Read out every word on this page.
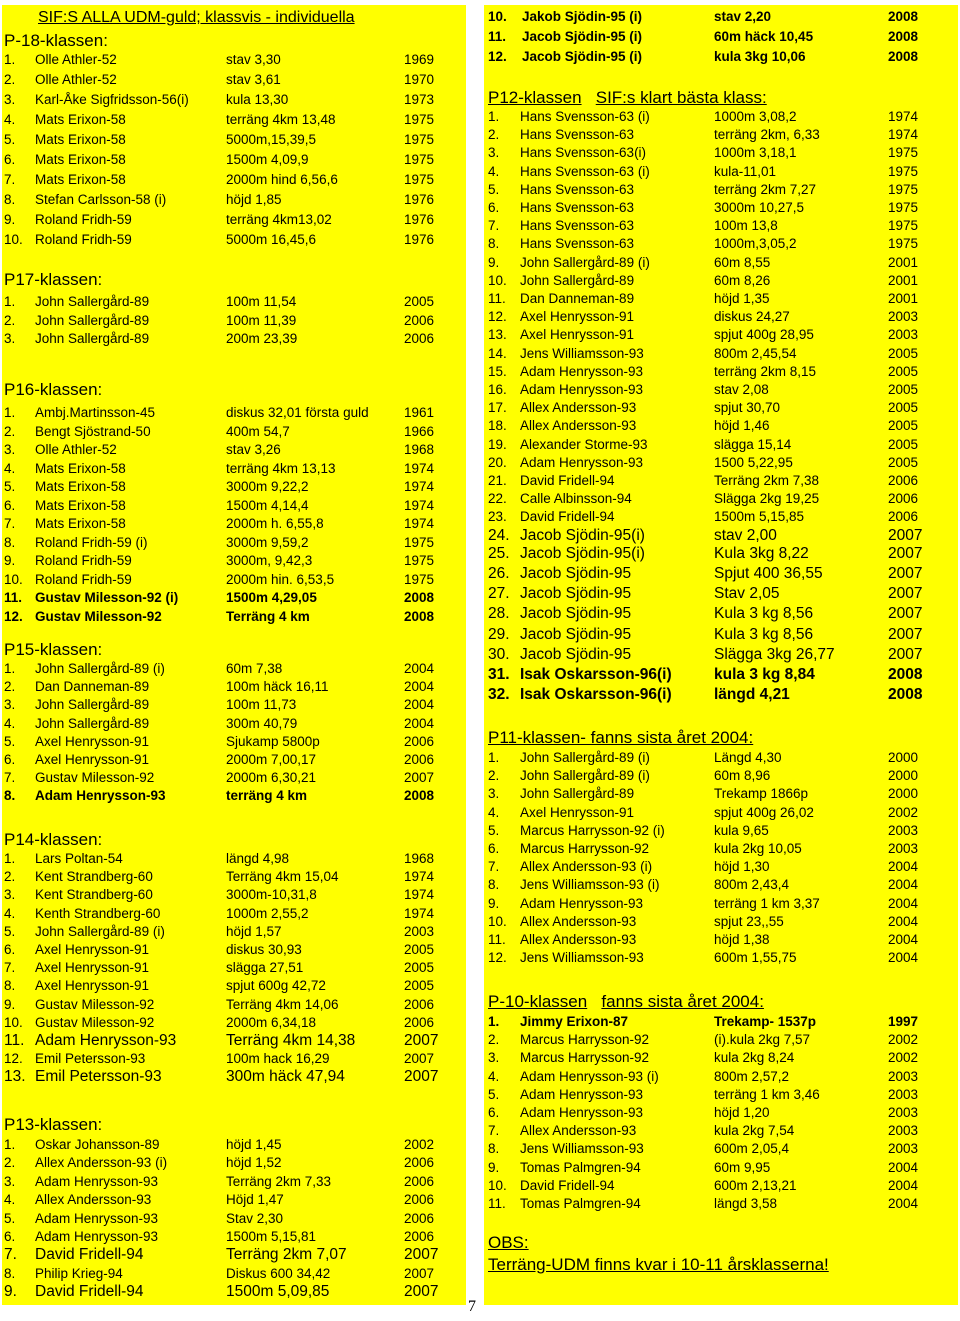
SIF:S ALLA UDM-guld; klassvis - individuella
P-18-klassen:
1. Olle Athler-52	stav 3,30	1969
2. Olle Athler-52	stav 3,61	1970
3. Karl-Åke Sigfridsson-56(i)	kula 13,30	1973
4. Mats Erixon-58	terräng 4km 13,48	1975
5. Mats Erixon-58	5000m,15,39,5	1975
6. Mats Erixon-58	1500m 4,09,9	1975
7. Mats Erixon-58	2000m hind 6,56,6	1975
8. Stefan Carlsson-58 (i)	höjd 1,85	1976
9. Roland Fridh-59	terräng 4km13,02	1976
10. Roland Fridh-59	5000m 16,45,6	1976
P17-klassen:
1. John Sallergård-89	100m 11,54	2005
2. John Sallergård-89	100m 11,39	2006
3. John Sallergård-89	200m 23,39	2006
P16-klassen:
1. Ambj.Martinsson-45	diskus 32,01 första guld	1961
2. Bengt Sjöstrand-50	400m 54,7	1966
3. Olle Athler-52	stav 3,26	1968
4. Mats Erixon-58	terräng 4km 13,13	1974
5. Mats Erixon-58	3000m 9,22,2	1974
6. Mats Erixon-58	1500m 4,14,4	1974
7. Mats Erixon-58	2000m h. 6,55,8	1974
8. Roland Fridh-59 (i)	3000m 9,59,2	1975
9. Roland Fridh-59	3000m, 9,42,3	1975
10. Roland Fridh-59	2000m hin. 6,53,5	1975
11. Gustav Milesson-92 (i)	1500m 4,29,05	2008
12. Gustav Milesson-92	Terräng 4 km	2008
P15-klassen:
1. John Sallergård-89 (i)	60m 7,38	2004
2. Dan Danneman-89	100m häck 16,11	2004
3. John Sallergård-89	100m 11,73	2004
4. John Sallergård-89	300m 40,79	2004
5. Axel Henrysson-91	Sjukamp 5800p	2006
6. Axel Henrysson-91	2000m 7,00,17	2006
7. Gustav Milesson-92	2000m 6,30,21	2007
8. Adam Henrysson-93	terräng 4 km	2008
P14-klassen:
1. Lars Poltan-54	längd 4,98	1968
2. Kent Strandberg-60	Terräng 4km 15,04	1974
3. Kent Strandberg-60	3000m-10,31,8	1974
4. Kenth Strandberg-60	1000m 2,55,2	1974
5. John Sallergård-89 (i)	höjd 1,57	2003
6. Axel Henrysson-91	diskus 30,93	2005
7. Axel Henrysson-91	slägga 27,51	2005
8. Axel Henrysson-91	spjut 600g 42,72	2005
9. Gustav Milesson-92	Terräng 4km 14,06	2006
10. Gustav Milesson-92	2000m 6,34,18	2006
11. Adam Henrysson-93	Terräng 4km 14,38	2007
12. Emil Petersson-93	100m hack 16,29	2007
13. Emil Petersson-93	300m häck 47,94	2007
P13-klassen:
1. Oskar Johansson-89	höjd 1,45	2002
2. Allex Andersson-93 (i)	höjd 1,52	2006
3. Adam Henrysson-93	Terräng 2km 7,33	2006
4. Allex Andersson-93	Höjd 1,47	2006
5. Adam Henrysson-93	Stav 2,30	2006
6. Adam Henrysson-93	1500m 5,15,81	2006
7. David Fridell-94	Terräng 2km 7,07	2007
8. Philip Krieg-94	Diskus 600 34,42	2007
9. David Fridell-94	1500m 5,09,85	2007
10. Jakob Sjödin-95 (i)	stav 2,20	2008
11. Jacob Sjödin-95 (i)	60m häck 10,45	2008
12. Jacob Sjödin-95 (i)	kula 3kg 10,06	2008
P12-klassen SIF:s klart bästa klass:
1. Hans Svensson-63 (i)	1000m 3,08,2	1974
2. Hans Svensson-63	terräng 2km, 6,33	1974
3. Hans Svensson-63(i)	1000m 3,18,1	1975
4. Hans Svensson-63 (i)	kula-11,01	1975
5. Hans Svensson-63	terräng 2km 7,27	1975
6. Hans Svensson-63	3000m 10,27,5	1975
7. Hans Svensson-63	100m 13,8	1975
8. Hans Svensson-63	1000m,3,05,2	1975
9. John Sallergård-89 (i)	60m 8,55	2001
10. John Sallergård-89	60m 8,26	2001
11. Dan Danneman-89	höjd 1,35	2001
12. Axel Henrysson-91	diskus 24,27	2003
13. Axel Henrysson-91	spjut 400g 28,95	2003
14. Jens Williamsson-93	800m 2,45,54	2005
15. Adam Henrysson-93	terräng 2km 8,15	2005
16. Adam Henrysson-93	stav 2,08	2005
17. Allex Andersson-93	spjut 30,70	2005
18. Allex Andersson-93	höjd 1,46	2005
19. Alexander Storme-93	slägga 15,14	2005
20. Adam Henrysson-93	1500 5,22,95	2005
21. David Fridell-94	Terräng 2km 7,38	2006
22. Calle Albinsson-94	Slägga 2kg 19,25	2006
23. David Fridell-94	1500m 5,15,85	2006
24. Jacob Sjödin-95(i)	stav 2,00	2007
25. Jacob Sjödin-95(i)	Kula 3kg 8,22	2007
26. Jacob Sjödin-95	Spjut 400 36,55	2007
27. Jacob Sjödin-95	Stav 2,05	2007
28. Jacob Sjödin-95	Kula 3 kg 8,56	2007
29. Jacob Sjödin-95	Kula 3 kg 8,56	2007
30. Jacob Sjödin-95	Slägga 3kg 26,77	2007
31. Isak Oskarsson-96(i)	kula 3 kg 8,84	2008
32. Isak Oskarsson-96(i)	längd 4,21	2008
P11-klassen- fanns sista året 2004:
1. John Sallergård-89 (i)	Längd 4,30	2000
2. John Sallergård-89 (i)	60m 8,96	2000
3. John Sallergård-89	Trekamp 1866p	2000
4. Axel Henrysson-91	spjut 400g 26,02	2002
5. Marcus Harrysson-92 (i)	kula 9,65	2003
6. Marcus Harrysson-92	kula 2kg 10,05	2003
7. Allex Andersson-93 (i)	höjd 1,30	2004
8. Jens Williamsson-93 (i)	800m 2,43,4	2004
9. Adam Henrysson-93	terräng 1 km 3,37	2004
10. Allex Andersson-93	spjut 23,,55	2004
11. Allex Andersson-93	höjd 1,38	2004
12. Jens Williamsson-93	600m 1,55,75	2004
P-10-klassen fanns sista året 2004:
1. Jimmy Erixon-87	Trekamp- 1537p	1997
2. Marcus Harrysson-92	(i).kula 2kg 7,57	2002
3. Marcus Harrysson-92	kula 2kg 8,24	2002
4. Adam Henrysson-93 (i)	800m 2,57,2	2003
5. Adam Henrysson-93	terräng 1 km 3,46	2003
6. Adam Henrysson-93	höjd 1,20	2003
7. Allex Andersson-93	kula 2kg 7,54	2003
8. Jens Williamsson-93	600m 2,05,4	2003
9. Tomas Palmgren-94	60m 9,95	2004
10. David Fridell-94	600m 2,13,21	2004
11. Tomas Palmgren-94	längd 3,58	2004
OBS:
Terräng-UDM finns kvar i 10-11 årsklasserna!
7
